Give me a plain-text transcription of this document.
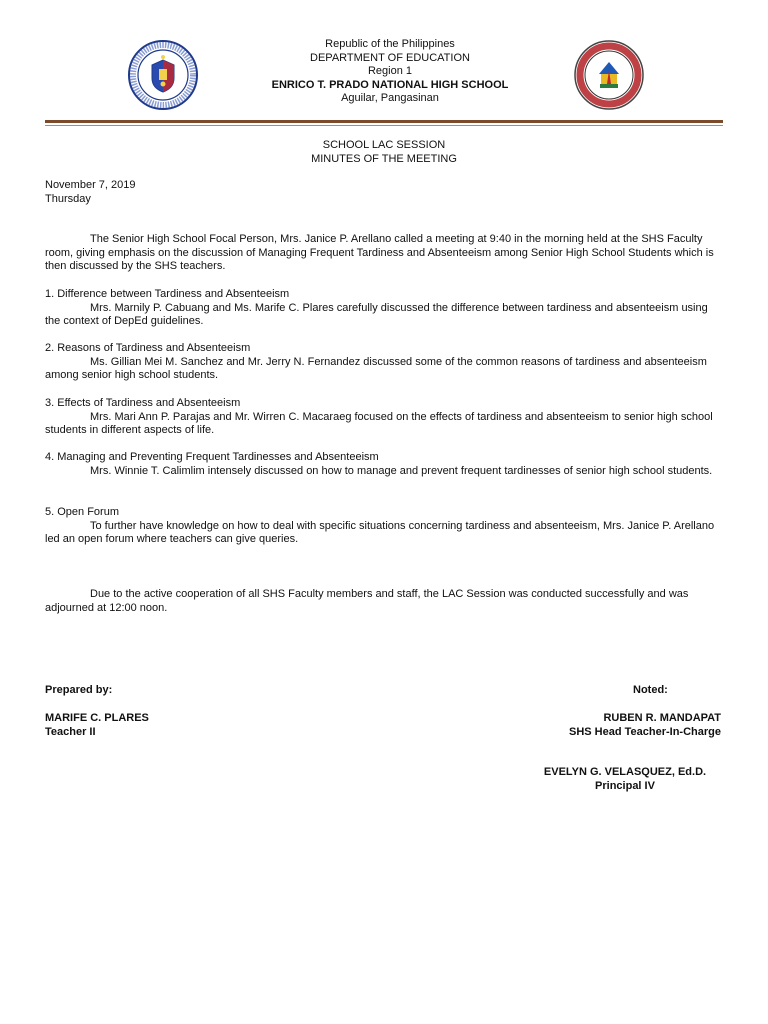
Republic of the Philippines
DEPARTMENT OF EDUCATION
Region 1
ENRICO T. PRADO NATIONAL HIGH SCHOOL
Aguilar, Pangasinan
SCHOOL LAC SESSION
MINUTES OF THE MEETING
November 7, 2019
Thursday

The Senior High School Focal Person, Mrs. Janice P. Arellano called a meeting at 9:40 in the morning held at the SHS Faculty room, giving emphasis on the discussion of Managing Frequent Tardiness and Absenteeism among Senior High School Students which is then discussed by the SHS teachers.

1. Difference between Tardiness and Absenteeism

Mrs. Marnily P. Cabuang and Ms. Marife C. Plares carefully discussed the difference between tardiness and absenteeism using the context of DepEd guidelines.

2. Reasons of Tardiness and Absenteeism

Ms. Gillian Mei M. Sanchez and Mr. Jerry N. Fernandez discussed some of the common reasons of tardiness and absenteeism among senior high school students.

3. Effects of Tardiness and Absenteeism

Mrs. Mari Ann P. Parajas and Mr. Wirren C. Macaraeg focused on the effects of tardiness and absenteeism to senior high school students in different aspects of life.

4. Managing and Preventing Frequent Tardinesses and Absenteeism

Mrs. Winnie T. Calimlim intensely discussed on how to manage and prevent frequent tardinesses of senior high school students.

5. Open Forum

To further have knowledge on how to deal with specific situations concerning tardiness and absenteeism, Mrs. Janice P. Arellano led an open forum where teachers can give queries.

Due to the active cooperation of all SHS Faculty members and staff, the LAC Session was conducted successfully and was adjourned at 12:00 noon.

Prepared by:	Noted:
MARIFE C. PLARES
Teacher II
RUBEN R. MANDAPAT
SHS Head Teacher-In-Charge
EVELYN G. VELASQUEZ, Ed.D.
Principal IV
